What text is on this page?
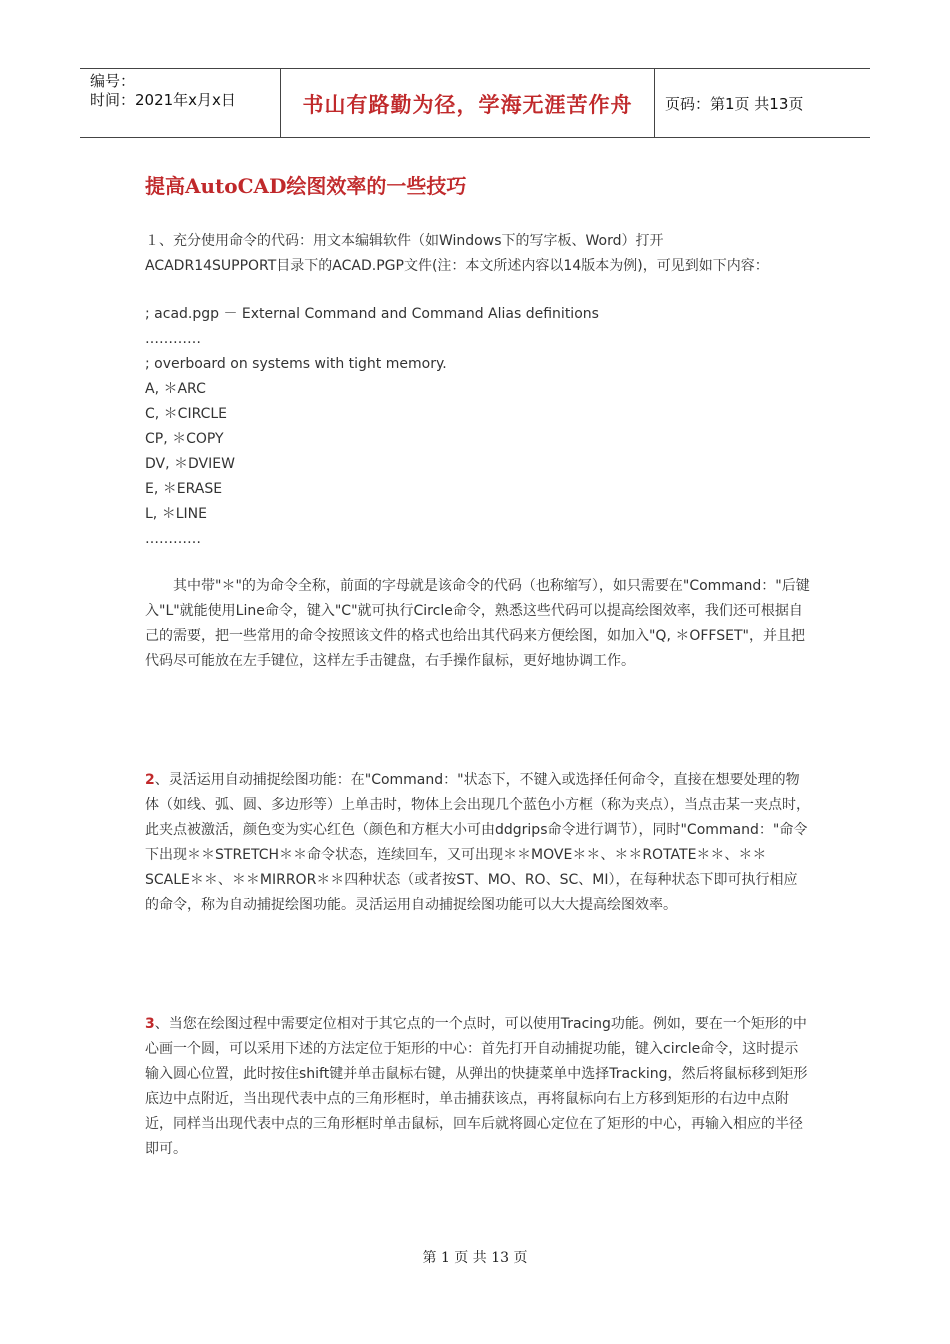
编号：
时间：2021年x月x日	书山有路勤为径，学海无涯苦作舟	页码：第1页 共13页
提高AutoCAD绘图效率的一些技巧
１、充分使用命令的代码：用文本编辑软件（如Windows下的写字板、Word）打开
ACADR14SUPPORT目录下的ACAD.PGP文件(注：本文所述内容以14版本为例)，可见到如下内容：
; acad.pgp － External Command and Command Alias definitions
…………
; overboard on systems with tight memory.
A, ＊ARC
C, ＊CIRCLE
CP, ＊COPY
DV, ＊DVIEW
E, ＊ERASE
L, ＊LINE
…………

　　其中带"＊"的为命令全称，前面的字母就是该命令的代码（也称缩写），如只需要在"Command："后键入"L"就能使用Line命令，键入"C"就可执行Circle命令，熟悉这些代码可以提高绘图效率，我们还可根据自己的需要，把一些常用的命令按照该文件的格式也给出其代码来方便绘图，如加入"Q, ＊OFFSET"，并且把代码尽可能放在左手键位，这样左手击键盘，右手操作鼠标，更好地协调工作。

2、灵活运用自动捕捉绘图功能：在"Command："状态下，不键入或选择任何命令，直接在想要处理的物体（如线、弧、圆、多边形等）上单击时，物体上会出现几个蓝色小方框（称为夹点），当点击某一夹点时，此夹点被激活，颜色变为实心红色（颜色和方框大小可由ddgrips命令进行调节），同时"Command："命令下出现＊＊STRETCH＊＊命令状态，连续回车，又可出现＊＊MOVE＊＊、＊＊ROTATE＊＊、＊＊SCALE＊＊、＊＊MIRROR＊＊四种状态（或者按ST、MO、RO、SC、MI），在每种状态下即可执行相应的命令，称为自动捕捉绘图功能。灵活运用自动捕捉绘图功能可以大大提高绘图效率。

3、当您在绘图过程中需要定位相对于其它点的一个点时，可以使用Tracing功能。例如，要在一个矩形的中心画一个圆，可以采用下述的方法定位于矩形的中心：首先打开自动捕捉功能，键入circle命令，这时提示输入圆心位置，此时按住shift键并单击鼠标右键，从弹出的快捷菜单中选择Tracking，然后将鼠标移到矩形底边中点附近，当出现代表中点的三角形框时，单击捕获该点，再将鼠标向右上方移到矩形的右边中点附近，同样当出现代表中点的三角形框时单击鼠标，回车后就将圆心定位在了矩形的中心，再输入相应的半径即可。

第 1 页 共 13 页
